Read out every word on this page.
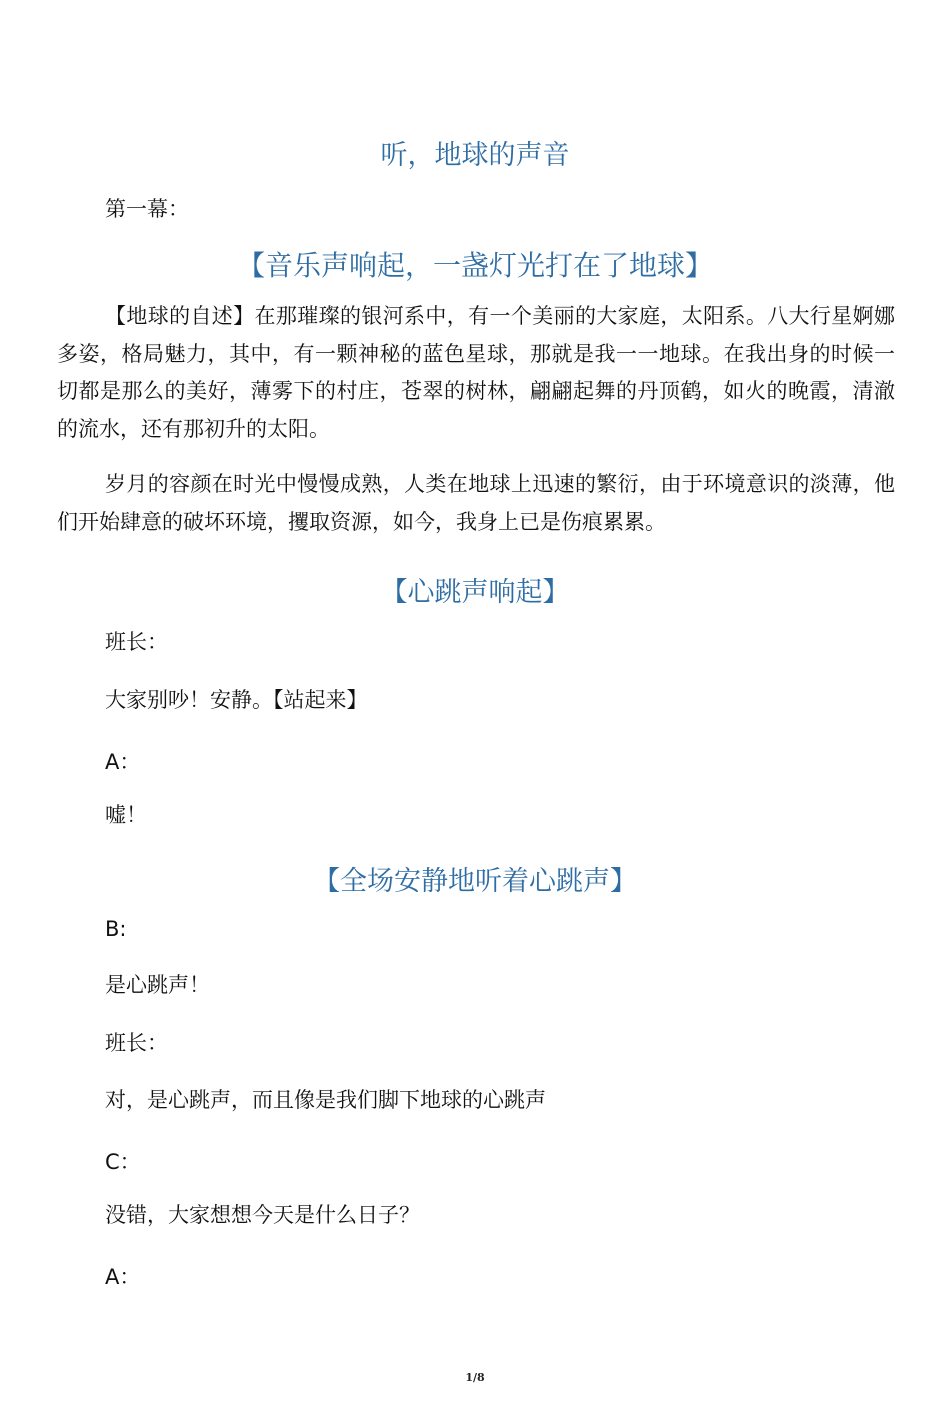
听，地球的声音

第一幕：

【音乐声响起，一盏灯光打在了地球】

【地球的自述】在那璀璨的银河系中，有一个美丽的大家庭，太阳系。八大行星婀娜多姿，格局魅力，其中，有一颗神秘的蓝色星球，那就是我一一地球。在我出身的时候一切都是那么的美好，薄雾下的村庄，苍翠的树林，翩翩起舞的丹顶鹤，如火的晚霞，清澈的流水，还有那初升的太阳。

岁月的容颜在时光中慢慢成熟，人类在地球上迅速的繁衍，由于环境意识的淡薄，他们开始肆意的破坏环境，攫取资源，如今，我身上已是伤痕累累。

【心跳声响起】

班长：

大家别吵！安静。【站起来】

A：

嘘！

【全场安静地听着心跳声】

B:

是心跳声！

班长：

对，是心跳声，而且像是我们脚下地球的心跳声

C：

没错，大家想想今天是什么日子？

A：

1/8
